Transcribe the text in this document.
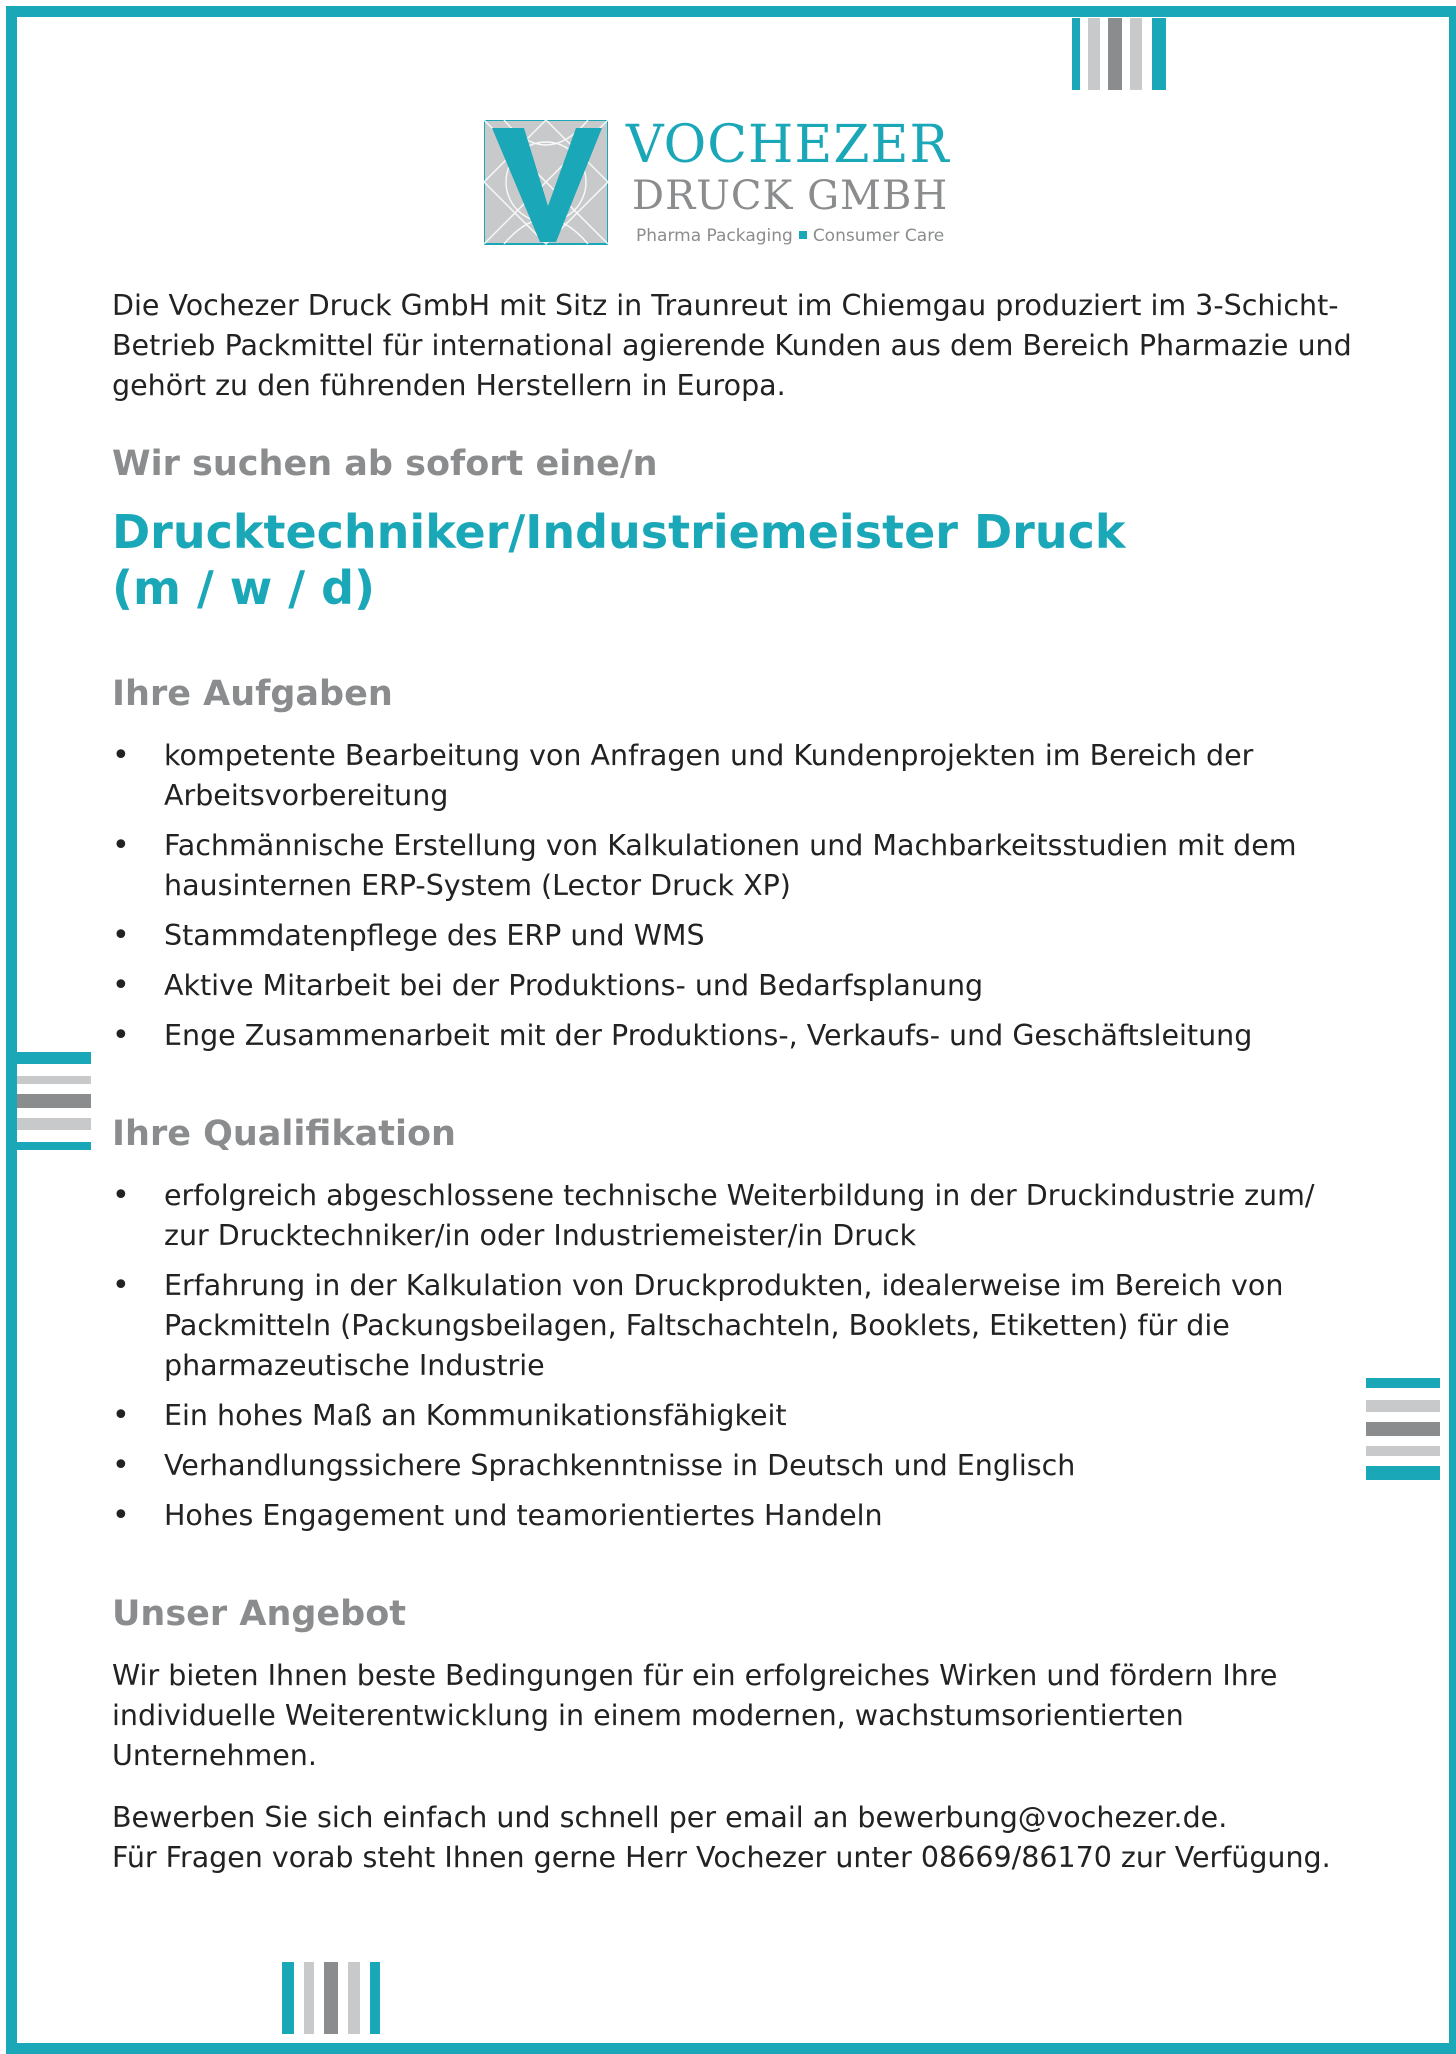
VOCHEZER
DRUCK GMBH
Pharma Packaging Consumer Care

Die Vochezer Druck GmbH mit Sitz in Traunreut im Chiemgau produziert im 3-Schicht-Betrieb Packmittel für international agierende Kunden aus dem Bereich Pharmazie und gehört zu den führenden Herstellern in Europa.

Wir suchen ab sofort eine/n
Drucktechniker/Industriemeister Druck
(m / w / d)
Ihre Aufgaben
• kompetente Bearbeitung von Anfragen und Kundenprojekten im Bereich der Arbeitsvorbereitung
• Fachmännische Erstellung von Kalkulationen und Machbarkeitsstudien mit dem hausinternen ERP-System (Lector Druck XP)
• Stammdatenpflege des ERP und WMS
• Aktive Mitarbeit bei der Produktions- und Bedarfsplanung
• Enge Zusammenarbeit mit der Produktions-, Verkaufs- und Geschäftsleitung
Ihre Qualifikation
• erfolgreich abgeschlossene technische Weiterbildung in der Druckindustrie zum/ zur Drucktechniker/in oder Industriemeister/in Druck
• Erfahrung in der Kalkulation von Druckprodukten, idealerweise im Bereich von Packmitteln (Packungsbeilagen, Faltschachteln, Booklets, Etiketten) für die pharmazeutische Industrie
• Ein hohes Maß an Kommunikationsfähigkeit
• Verhandlungssichere Sprachkenntnisse in Deutsch und Englisch
• Hohes Engagement und teamorientiertes Handeln
Unser Angebot

Wir bieten Ihnen beste Bedingungen für ein erfolgreiches Wirken und fördern Ihre individuelle Weiterentwicklung in einem modernen, wachstumsorientierten Unternehmen.

Bewerben Sie sich einfach und schnell per email an bewerbung@vochezer.de.
Für Fragen vorab steht Ihnen gerne Herr Vochezer unter 08669/86170 zur Verfügung.
